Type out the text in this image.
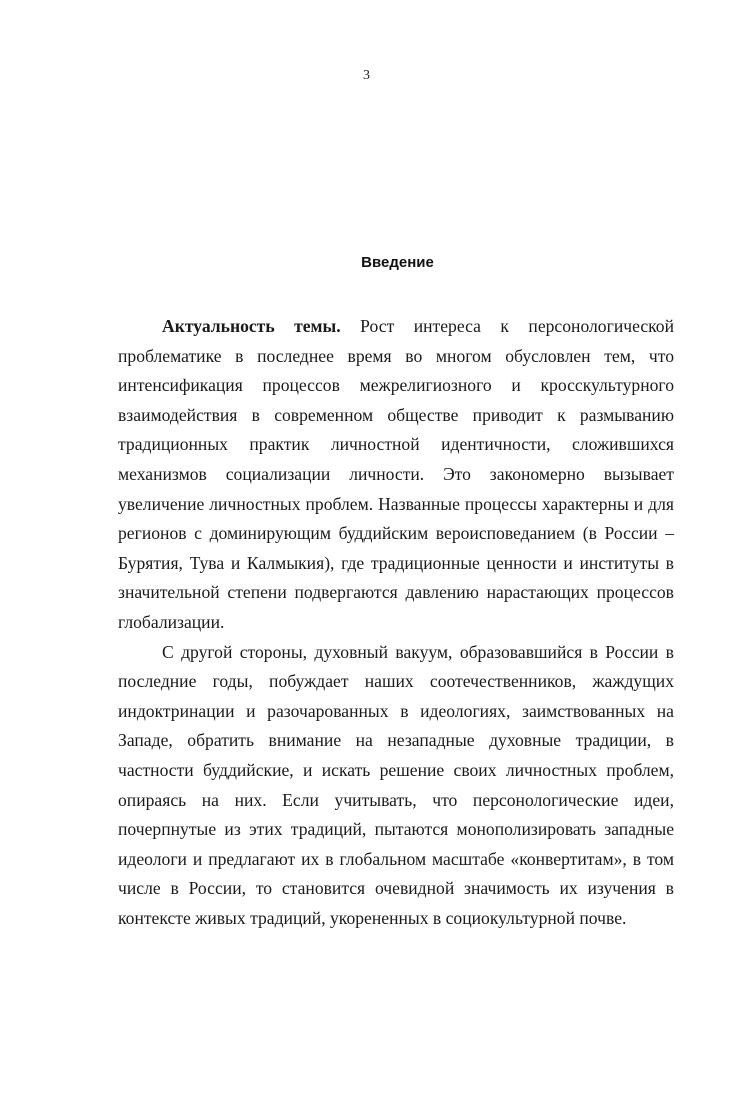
3
Введение

Актуальность темы. Рост интереса к персонологической проблематике в последнее время во многом обусловлен тем, что интенсификация процессов межрелигиозного и кросскультурного взаимодействия в современном обществе приводит к размыванию традиционных практик личностной идентичности, сложившихся механизмов социализации личности. Это закономерно вызывает увеличение личностных проблем. Названные процессы характерны и для регионов с доминирующим буддийским вероисповеданием (в России – Бурятия, Тува и Калмыкия), где традиционные ценности и институты в значительной степени подвергаются давлению нарастающих процессов глобализации.

С другой стороны, духовный вакуум, образовавшийся в России в последние годы, побуждает наших соотечественников, жаждущих индоктринации и разочарованных в идеологиях, заимствованных на Западе, обратить внимание на незападные духовные традиции, в частности буддийские, и искать решение своих личностных проблем, опираясь на них. Если учитывать, что персонологические идеи, почерпнутые из этих традиций, пытаются монополизировать западные идеологи и предлагают их в глобальном масштабе «конвертитам», в том числе в России, то становится очевидной значимость их изучения в контексте живых традиций, укорененных в социокультурной почве.
